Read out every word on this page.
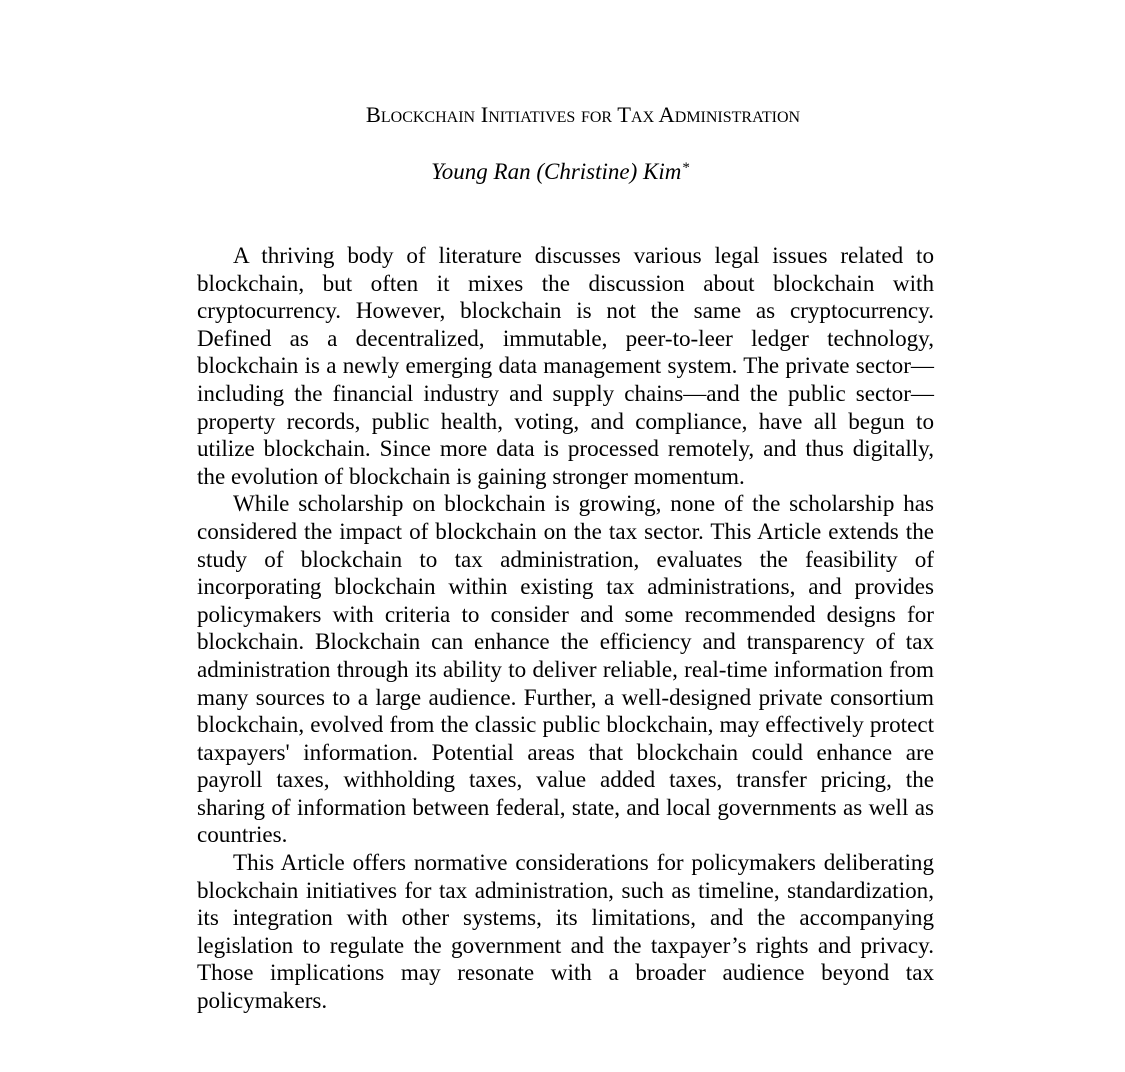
Blockchain Initiatives for Tax Administration
Young Ran (Christine) Kim*

A thriving body of literature discusses various legal issues related to blockchain, but often it mixes the discussion about blockchain with cryptocurrency. However, blockchain is not the same as cryptocurrency. Defined as a decentralized, immutable, peer-to-leer ledger technology, blockchain is a newly emerging data management system. The private sector—including the financial industry and supply chains—and the public sector—property records, public health, voting, and compliance, have all begun to utilize blockchain. Since more data is processed remotely, and thus digitally, the evolution of blockchain is gaining stronger momentum.

While scholarship on blockchain is growing, none of the scholarship has considered the impact of blockchain on the tax sector. This Article extends the study of blockchain to tax administration, evaluates the feasibility of incorporating blockchain within existing tax administrations, and provides policymakers with criteria to consider and some recommended designs for blockchain. Blockchain can enhance the efficiency and transparency of tax administration through its ability to deliver reliable, real-time information from many sources to a large audience. Further, a well-designed private consortium blockchain, evolved from the classic public blockchain, may effectively protect taxpayers' information. Potential areas that blockchain could enhance are payroll taxes, withholding taxes, value added taxes, transfer pricing, the sharing of information between federal, state, and local governments as well as countries.

This Article offers normative considerations for policymakers deliberating blockchain initiatives for tax administration, such as timeline, standardization, its integration with other systems, its limitations, and the accompanying legislation to regulate the government and the taxpayer’s rights and privacy. Those implications may resonate with a broader audience beyond tax policymakers.
